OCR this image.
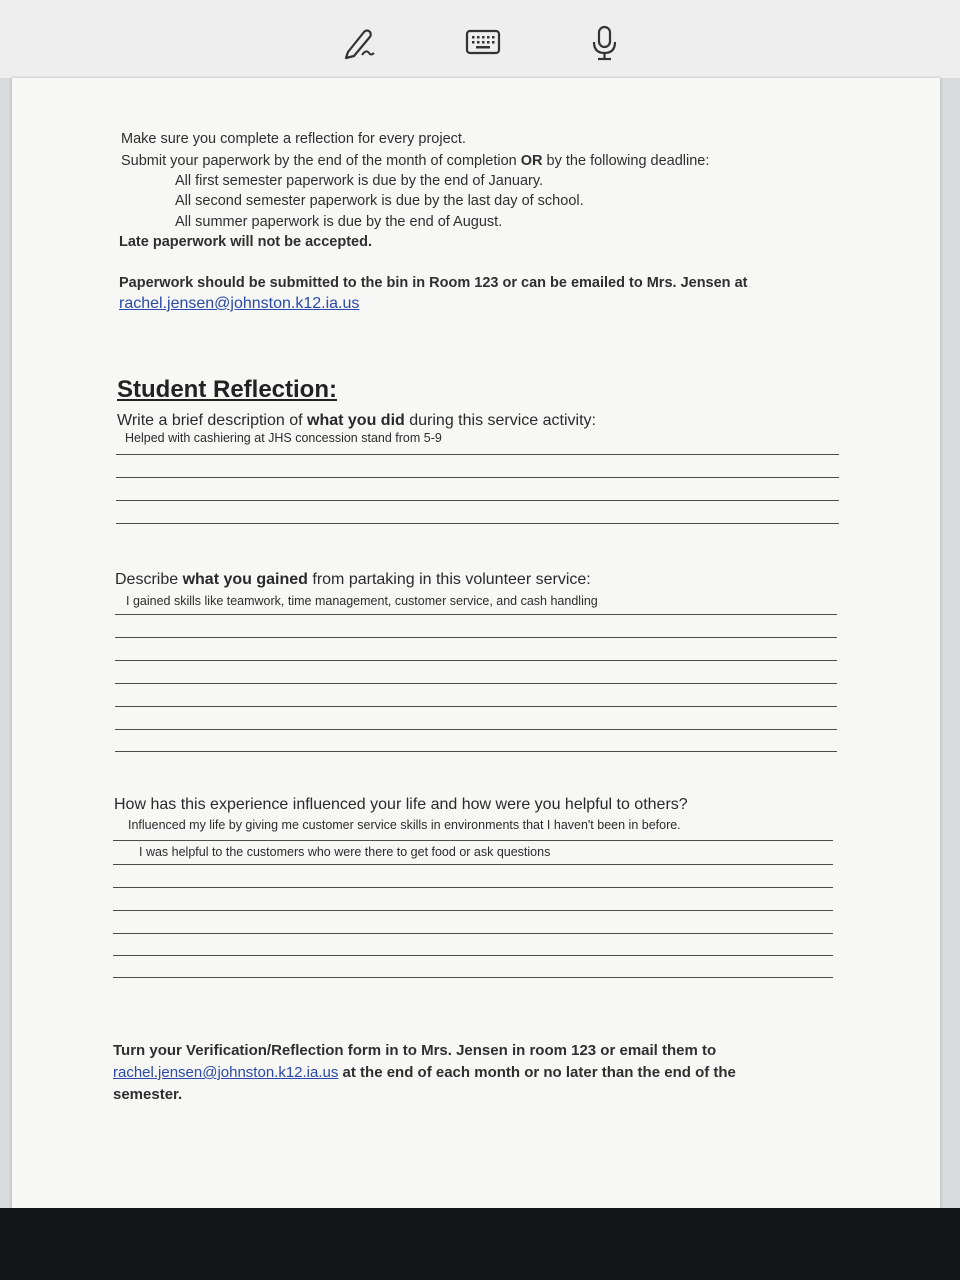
Make sure you complete a reflection for every project.
Submit your paperwork by the end of the month of completion OR by the following deadline:
All first semester paperwork is due by the end of January.
All second semester paperwork is due by the last day of school.
All summer paperwork is due by the end of August.
Late paperwork will not be accepted.
Paperwork should be submitted to the bin in Room 123 or can be emailed to Mrs. Jensen at
rachel.jensen@johnston.k12.ia.us
Student Reflection:
Write a brief description of what you did during this service activity:
Helped with cashiering at JHS concession stand from 5-9
Describe what you gained from partaking in this volunteer service:
I gained skills like teamwork, time management, customer service, and cash handling
How has this experience influenced your life and how were you helpful to others?
Influenced my life by giving me customer service skills in environments that I haven't been in before.
I was helpful to the customers who were there to get food or ask questions
Turn your Verification/Reflection form in to Mrs. Jensen in room 123 or email them to
rachel.jensen@johnston.k12.ia.us at the end of each month or no later than the end of the
semester.
